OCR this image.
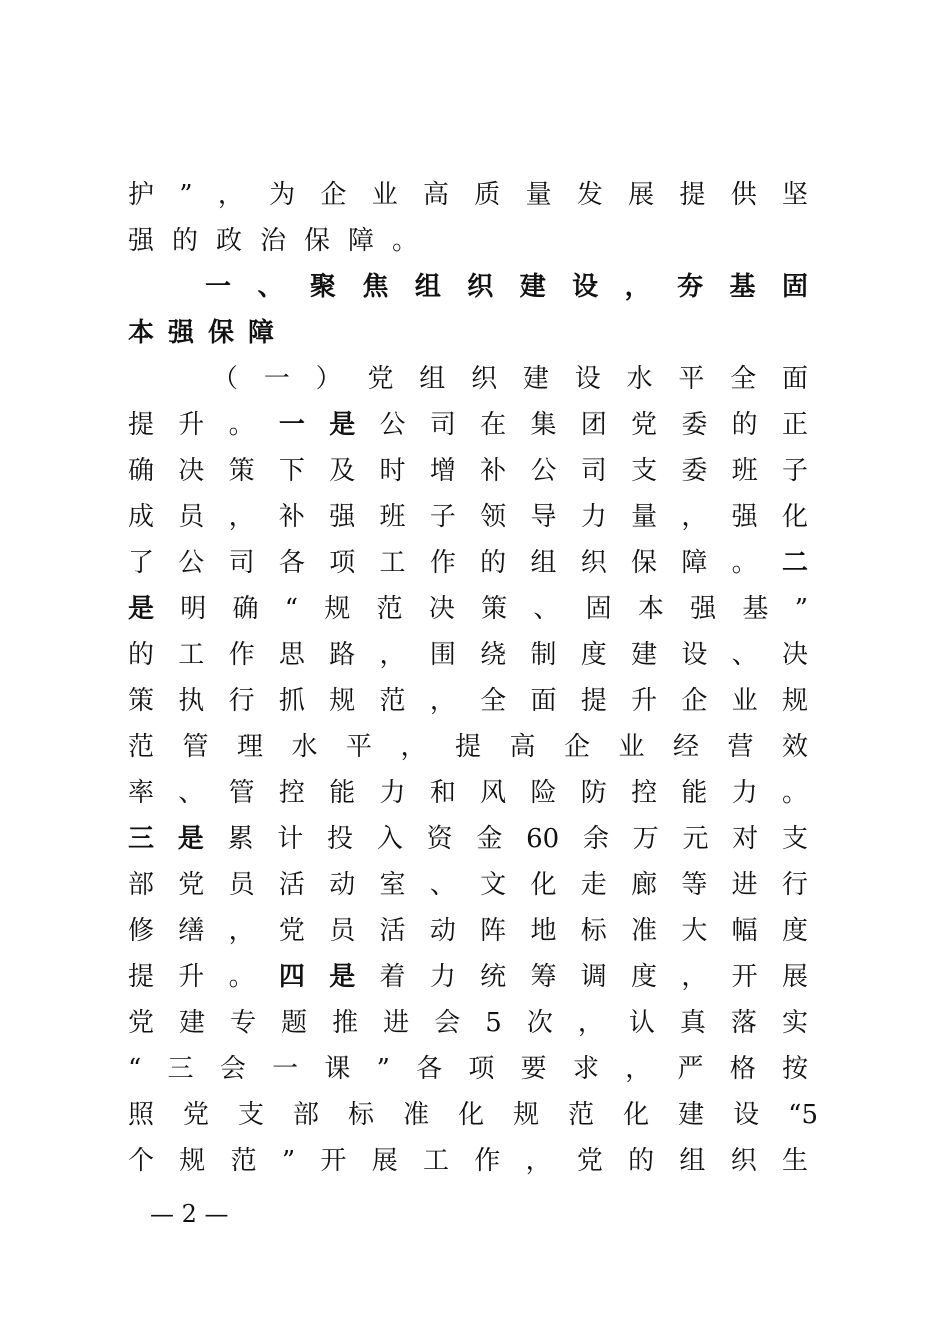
护”，为企业高质量发展提供坚
强的政治保障。
一、聚焦组织建设，夯基固
本强保障
（一）党组织建设水平全面
提升。一是公司在集团党委的正
确决策下及时增补公司支委班子
成员，补强班子领导力量，强化
了公司各项工作的组织保障。二
是明确“规范决策、固本强基”
的工作思路，围绕制度建设、决
策执行抓规范，全面提升企业规
范管理水平，提高企业经营效
率、管控能力和风险防控能力。
三是累计投入资金60余万元对支
部党员活动室、文化走廊等进行
修缮，党员活动阵地标准大幅度
提升。四是着力统筹调度，开展
党建专题推进会5次，认真落实
“三会一课”各项要求，严格按
照党支部标准化规范化建设“5
个规范”开展工作，党的组织生
— 2 —
